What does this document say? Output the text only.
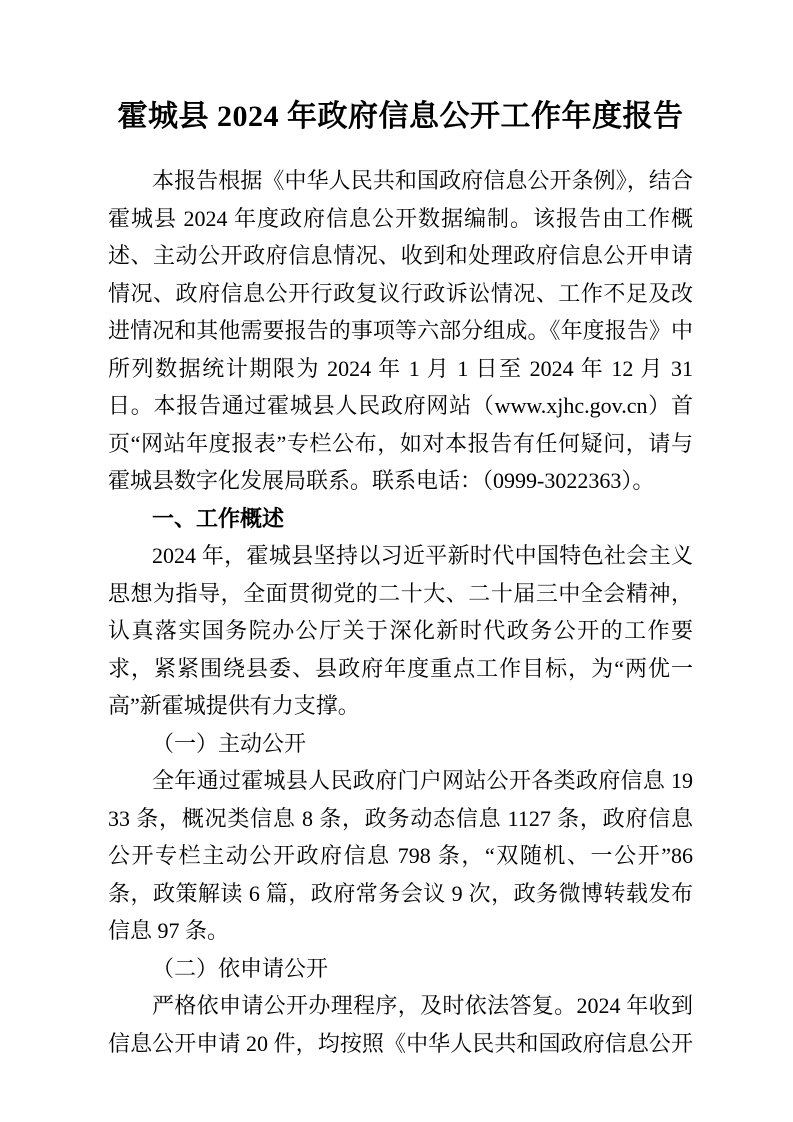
霍城县 2024 年政府信息公开工作年度报告

本报告根据《中华人民共和国政府信息公开条例》，结合霍城县 2024 年度政府信息公开数据编制。该报告由工作概述、主动公开政府信息情况、收到和处理政府信息公开申请情况、政府信息公开行政复议行政诉讼情况、工作不足及改进情况和其他需要报告的事项等六部分组成。《年度报告》中所列数据统计期限为 2024 年 1 月 1 日至 2024 年 12 月 31 日。本报告通过霍城县人民政府网站（www.xjhc.gov.cn）首页“网站年度报表”专栏公布，如对本报告有任何疑问，请与霍城县数字化发展局联系。联系电话：（0999-3022363）。

一、工作概述

2024 年，霍城县坚持以习近平新时代中国特色社会主义思想为指导，全面贯彻党的二十大、二十届三中全会精神，认真落实国务院办公厅关于深化新时代政务公开的工作要求，紧紧围绕县委、县政府年度重点工作目标，为“两优一高”新霍城提供有力支撑。

（一）主动公开

全年通过霍城县人民政府门户网站公开各类政府信息 1933 条，概况类信息 8 条，政务动态信息 1127 条，政府信息公开专栏主动公开政府信息 798 条，“双随机、一公开”86 条，政策解读 6 篇，政府常务会议 9 次，政务微博转载发布信息 97 条。

（二）依申请公开

严格依申请公开办理程序，及时依法答复。2024 年收到信息公开申请 20 件，均按照《中华人民共和国政府信息公开
